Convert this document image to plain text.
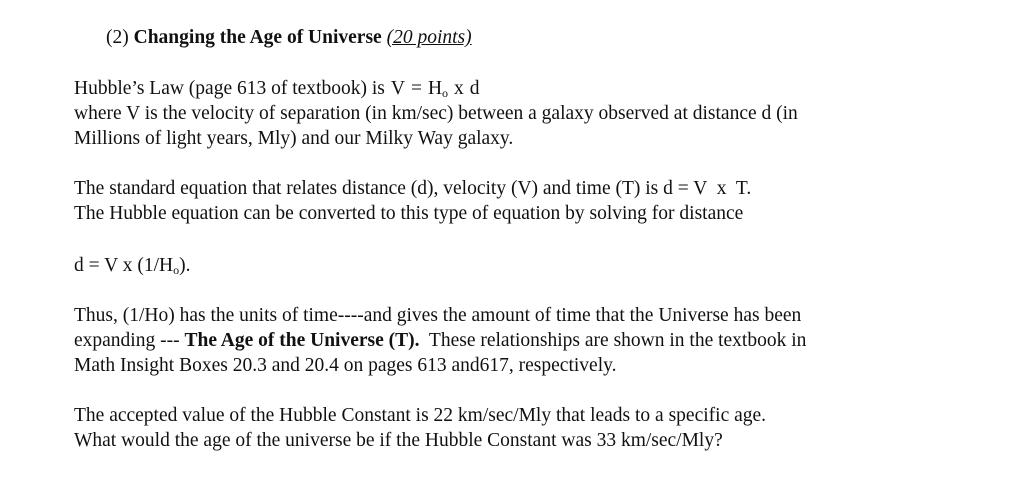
(2) Changing the Age of Universe (20 points)
Hubble’s Law (page 613 of textbook) is $V = H_o$ x d
where V is the velocity of separation (in km/sec) between a galaxy observed at distance d (in
Millions of light years, Mly) and our Milky Way galaxy.
The standard equation that relates distance (d), velocity (V) and time (T) is d = V  x  T.
The Hubble equation can be converted to this type of equation by solving for distance
d = V x $(1/H_o)$.
Thus, (1/Ho) has the units of time----and gives the amount of time that the Universe has been
expanding --- The Age of the Universe (T).  These relationships are shown in the textbook in
Math Insight Boxes 20.3 and 20.4 on pages 613 and617, respectively.
The accepted value of the Hubble Constant is 22 km/sec/Mly that leads to a specific age.
What would the age of the universe be if the Hubble Constant was 33 km/sec/Mly?
